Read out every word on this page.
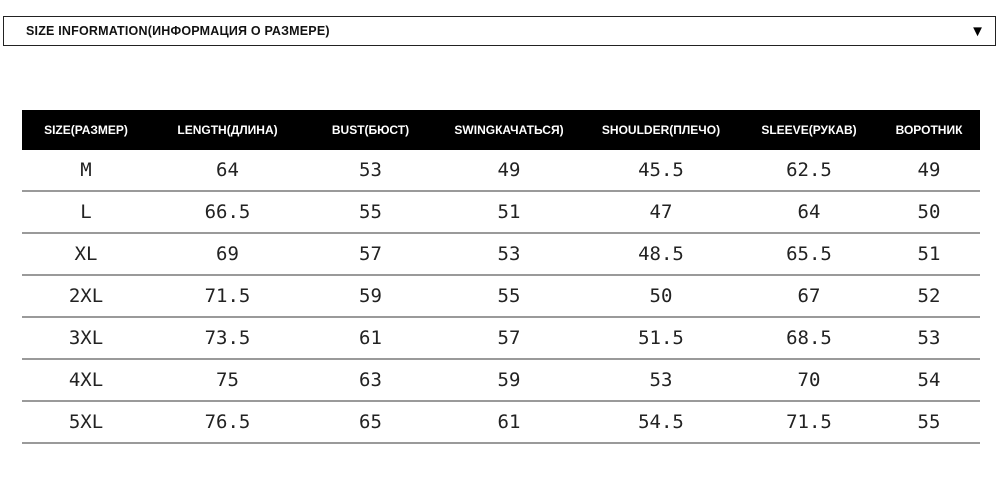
SIZE INFORMATION(ИНФОРМАЦИЯ О РАЗМЕРЕ)	▼
SIZE(РАЗМЕР)	LENGTH(ДЛИНА)	BUST(БЮСТ)	SWINGКАЧАТЬСЯ)	SHOULDER(ПЛЕЧО)	SLEEVE(РУКАВ)	ВОРОТНИК
M	64	53	49	45.5	62.5	49
L	66.5	55	51	47	64	50
XL	69	57	53	48.5	65.5	51
2XL	71.5	59	55	50	67	52
3XL	73.5	61	57	51.5	68.5	53
4XL	75	63	59	53	70	54
5XL	76.5	65	61	54.5	71.5	55
